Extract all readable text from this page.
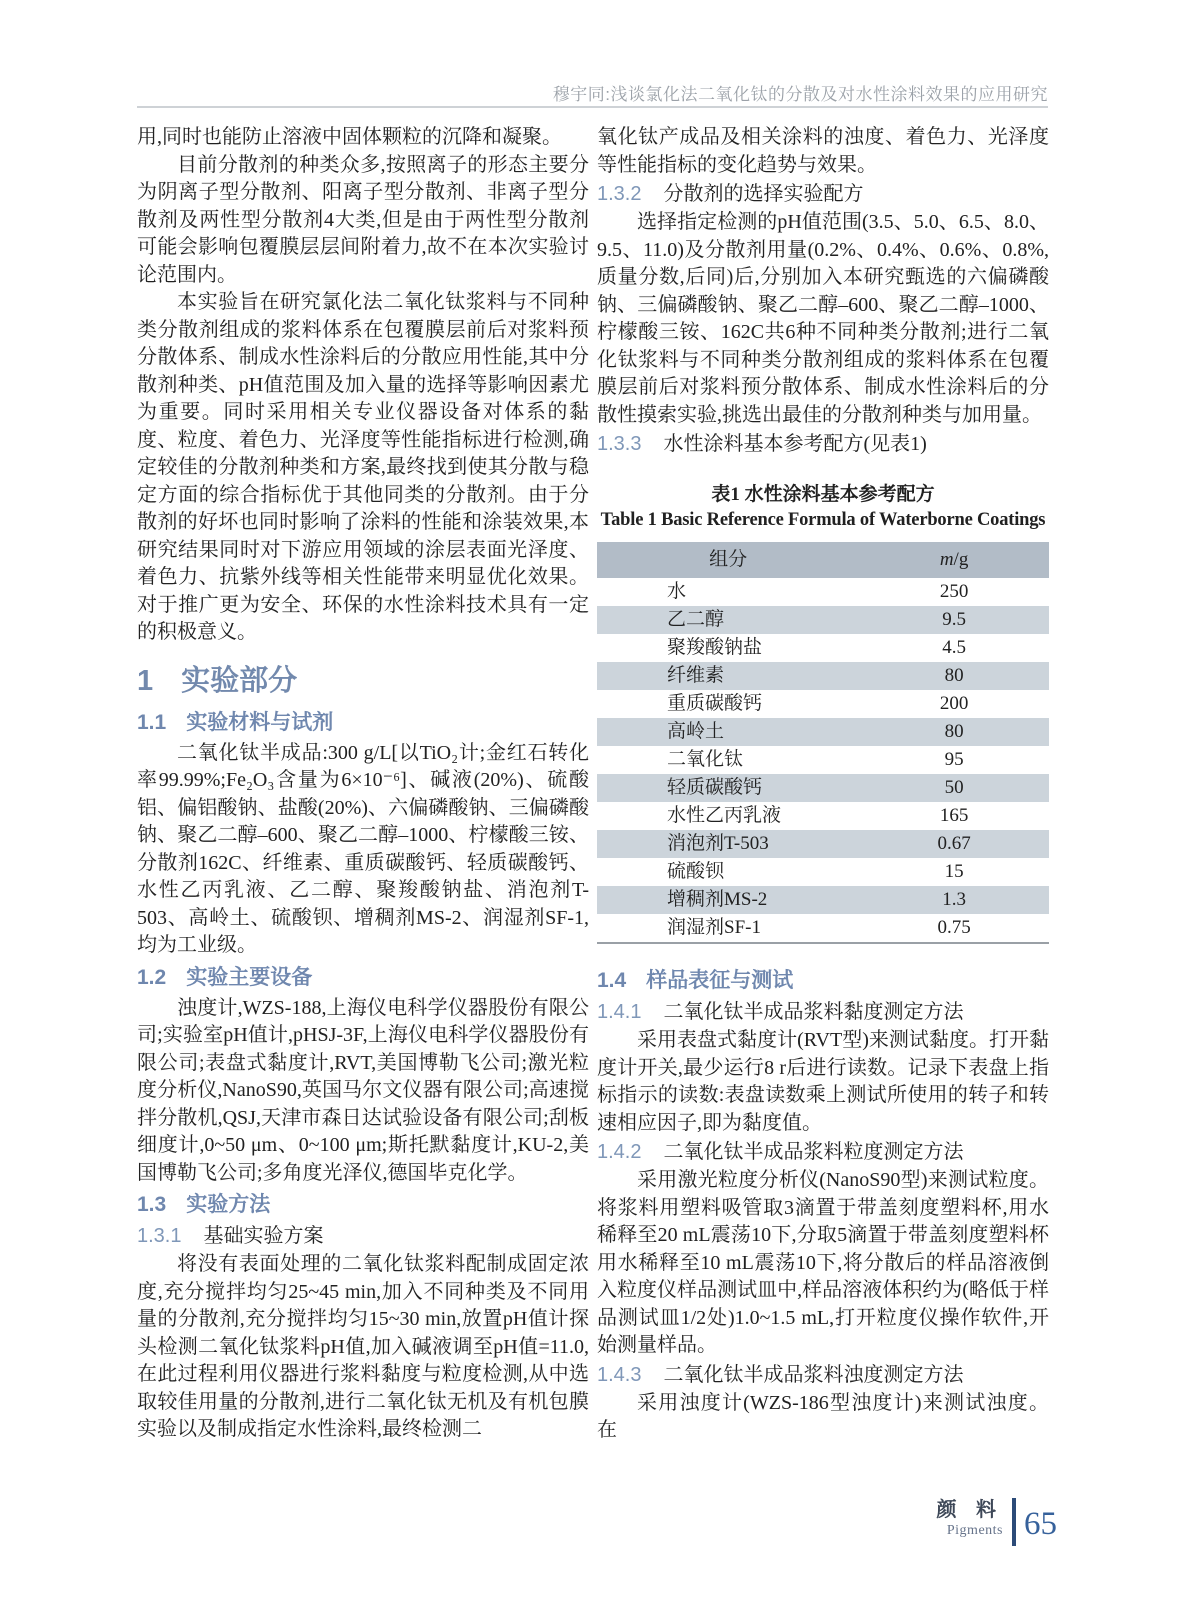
穆宇同:浅谈氯化法二氧化钛的分散及对水性涂料效果的应用研究

用,同时也能防止溶液中固体颗粒的沉降和凝聚。

目前分散剂的种类众多,按照离子的形态主要分为阴离子型分散剂、阳离子型分散剂、非离子型分散剂及两性型分散剂4大类,但是由于两性型分散剂可能会影响包覆膜层层间附着力,故不在本次实验讨论范围内。

本实验旨在研究氯化法二氧化钛浆料与不同种类分散剂组成的浆料体系在包覆膜层前后对浆料预分散体系、制成水性涂料后的分散应用性能,其中分散剂种类、pH值范围及加入量的选择等影响因素尤为重要。同时采用相关专业仪器设备对体系的黏度、粒度、着色力、光泽度等性能指标进行检测,确定较佳的分散剂种类和方案,最终找到使其分散与稳定方面的综合指标优于其他同类的分散剂。由于分散剂的好坏也同时影响了涂料的性能和涂装效果,本研究结果同时对下游应用领域的涂层表面光泽度、着色力、抗紫外线等相关性能带来明显优化效果。对于推广更为安全、环保的水性涂料技术具有一定的积极意义。

1 实验部分
1.1 实验材料与试剂

二氧化钛半成品:300 g/L[以TiO₂计;金红石转化率99.99%;Fe₂O₃含量为6×10⁻⁶]、碱液(20%)、硫酸铝、偏铝酸钠、盐酸(20%)、六偏磷酸钠、三偏磷酸钠、聚乙二醇–600、聚乙二醇–1000、柠檬酸三铵、分散剂162C、纤维素、重质碳酸钙、轻质碳酸钙、水性乙丙乳液、乙二醇、聚羧酸钠盐、消泡剂T-503、高岭土、硫酸钡、增稠剂MS-2、润湿剂SF-1,均为工业级。

1.2 实验主要设备

浊度计,WZS-188,上海仪电科学仪器股份有限公司;实验室pH值计,pHSJ-3F,上海仪电科学仪器股份有限公司;表盘式黏度计,RVT,美国博勒飞公司;激光粒度分析仪,NanoS90,英国马尔文仪器有限公司;高速搅拌分散机,QSJ,天津市森日达试验设备有限公司;刮板细度计,0~50 μm、0~100 μm;斯托默黏度计,KU-2,美国博勒飞公司;多角度光泽仪,德国毕克化学。

1.3 实验方法
1.3.1 基础实验方案

将没有表面处理的二氧化钛浆料配制成固定浓度,充分搅拌均匀25~45 min,加入不同种类及不同用量的分散剂,充分搅拌均匀15~30 min,放置pH值计探头检测二氧化钛浆料pH值,加入碱液调至pH值=11.0,在此过程利用仪器进行浆料黏度与粒度检测,从中选取较佳用量的分散剂,进行二氧化钛无机及有机包膜实验以及制成指定水性涂料,最终检测二

氧化钛产成品及相关涂料的浊度、着色力、光泽度等性能指标的变化趋势与效果。

1.3.2 分散剂的选择实验配方

选择指定检测的pH值范围(3.5、5.0、6.5、8.0、9.5、11.0)及分散剂用量(0.2%、0.4%、0.6%、0.8%,质量分数,后同)后,分别加入本研究甄选的六偏磷酸钠、三偏磷酸钠、聚乙二醇–600、聚乙二醇–1000、柠檬酸三铵、162C共6种不同种类分散剂;进行二氧化钛浆料与不同种类分散剂组成的浆料体系在包覆膜层前后对浆料预分散体系、制成水性涂料后的分散性摸索实验,挑选出最佳的分散剂种类与加用量。

1.3.3 水性涂料基本参考配方(见表1)
表1 水性涂料基本参考配方
Table 1 Basic Reference Formula of Waterborne Coatings
组分	m/g
水	250
乙二醇	9.5
聚羧酸钠盐	4.5
纤维素	80
重质碳酸钙	200
高岭土	80
二氧化钛	95
轻质碳酸钙	50
水性乙丙乳液	165
消泡剂T-503	0.67
硫酸钡	15
增稠剂MS-2	1.3
润湿剂SF-1	0.75
1.4 样品表征与测试
1.4.1 二氧化钛半成品浆料黏度测定方法

采用表盘式黏度计(RVT型)来测试黏度。打开黏度计开关,最少运行8 r后进行读数。记录下表盘上指标指示的读数:表盘读数乘上测试所使用的转子和转速相应因子,即为黏度值。

1.4.2 二氧化钛半成品浆料粒度测定方法

采用激光粒度分析仪(NanoS90型)来测试粒度。将浆料用塑料吸管取3滴置于带盖刻度塑料杯,用水稀释至20 mL震荡10下,分取5滴置于带盖刻度塑料杯用水稀释至10 mL震荡10下,将分散后的样品溶液倒入粒度仪样品测试皿中,样品溶液体积约为(略低于样品测试皿1/2处)1.0~1.5 mL,打开粒度仪操作软件,开始测量样品。

1.4.3 二氧化钛半成品浆料浊度测定方法

采用浊度计(WZS-186型浊度计)来测试浊度。在

颜 料
Pigments 65
